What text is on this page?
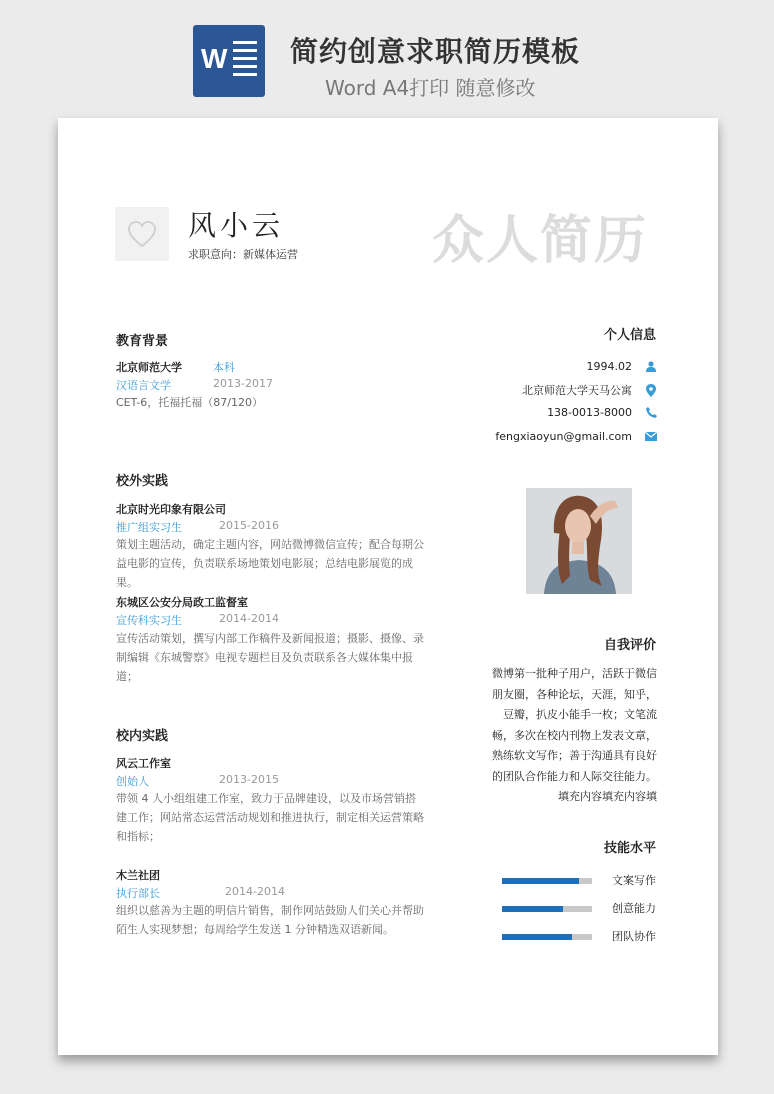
W 简约创意求职简历模板
Word A4打印 随意修改
风小云
求职意向：新媒体运营	众人简历
教育背景
北京师范大学	本科
汉语言文学	2013-2017
CET-6，托福托福（87/120）
校外实践
北京时光印象有限公司
推广组实习生	2015-2016
策划主题活动，确定主题内容，网站微博微信宣传；配合每期公益电影的宣传，负责联系场地策划电影展；总结电影展览的成果。
东城区公安分局政工监督室
宣传科实习生	2014-2014
宣传活动策划，撰写内部工作稿件及新闻报道；摄影、摄像、录制编辑《东城警察》电视专题栏目及负责联系各大媒体集中报道；
校内实践
风云工作室
创始人	2013-2015
带领 4 人小组组建工作室，致力于品牌建设，以及市场营销搭建工作；网站常态运营活动规划和推进执行，制定相关运营策略和指标；
木兰社团
执行部长	2014-2014
组织以慈善为主题的明信片销售，制作网站鼓励人们关心并帮助陌生人实现梦想；每周给学生发送 1 分钟精选双语新闻。
个人信息
1994.02
北京师范大学天马公寓
138-0013-8000
fengxiaoyun@gmail.com
自我评价
微博第一批种子用户，活跃于微信朋友圈，各种论坛，天涯，知乎，豆瓣，扒皮小能手一枚；文笔流畅，多次在校内刊物上发表文章，熟练软文写作；善于沟通具有良好的团队合作能力和人际交往能力。填充内容填充内容填
技能水平
文案写作
创意能力
团队协作
